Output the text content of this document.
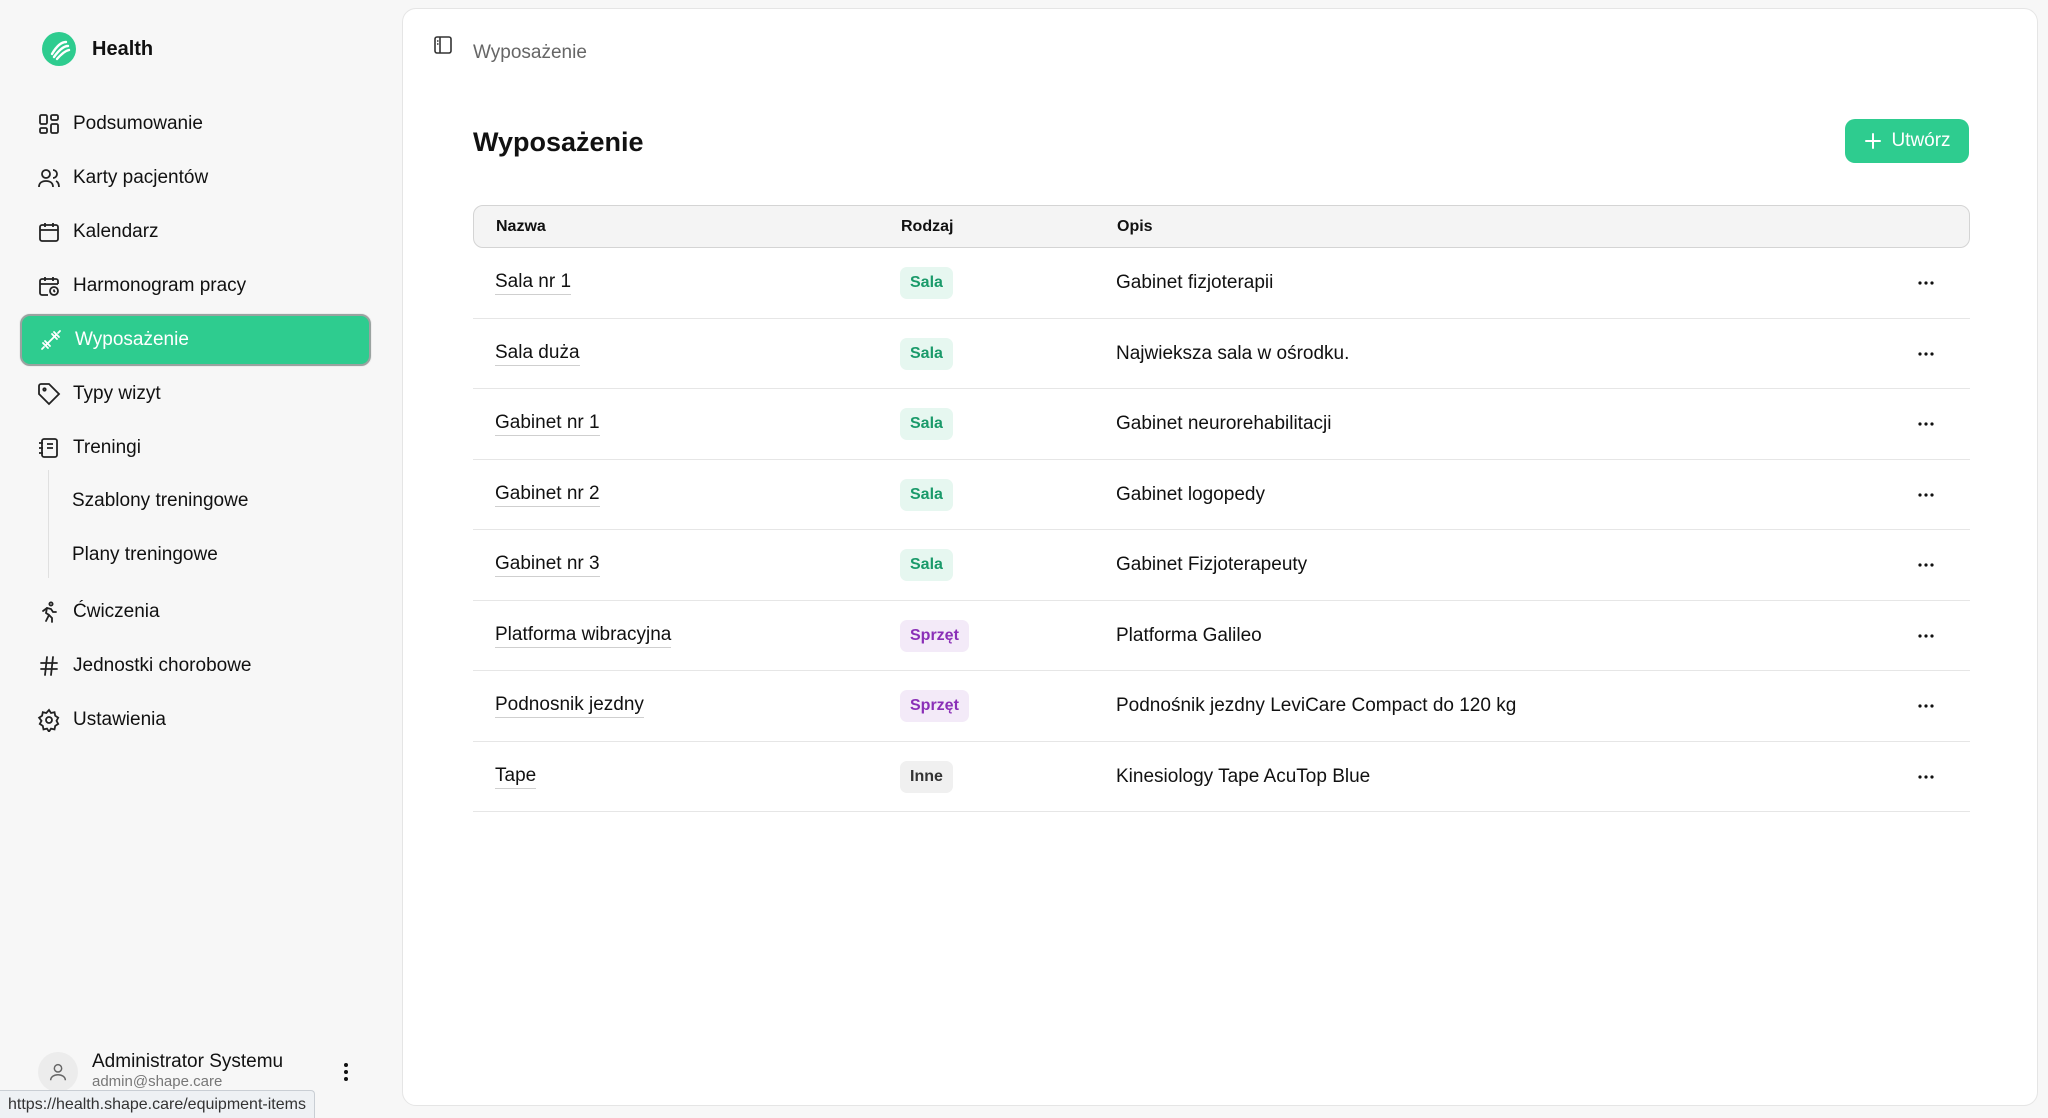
Health
Podsumowanie
Karty pacjentów
Kalendarz
Harmonogram pracy
Wyposażenie
Typy wizyt
Treningi
Szablony treningowe
Plany treningowe
Ćwiczenia
Jednostki chorobowe
Ustawienia
Administrator Systemu
admin@shape.care
https://health.shape.care/equipment-items
Wyposażenie
Wyposażenie	Utwórz
Nazwa	Rodzaj	Opis
Sala nr 1	Sala	Gabinet fizjoterapii
Sala duża	Sala	Najwieksza sala w ośrodku.
Gabinet nr 1	Sala	Gabinet neurorehabilitacji
Gabinet nr 2	Sala	Gabinet logopedy
Gabinet nr 3	Sala	Gabinet Fizjoterapeuty
Platforma wibracyjna	Sprzęt	Platforma Galileo
Podnosnik jezdny	Sprzęt	Podnośnik jezdny LeviCare Compact do 120 kg
Tape	Inne	Kinesiology Tape AcuTop Blue
